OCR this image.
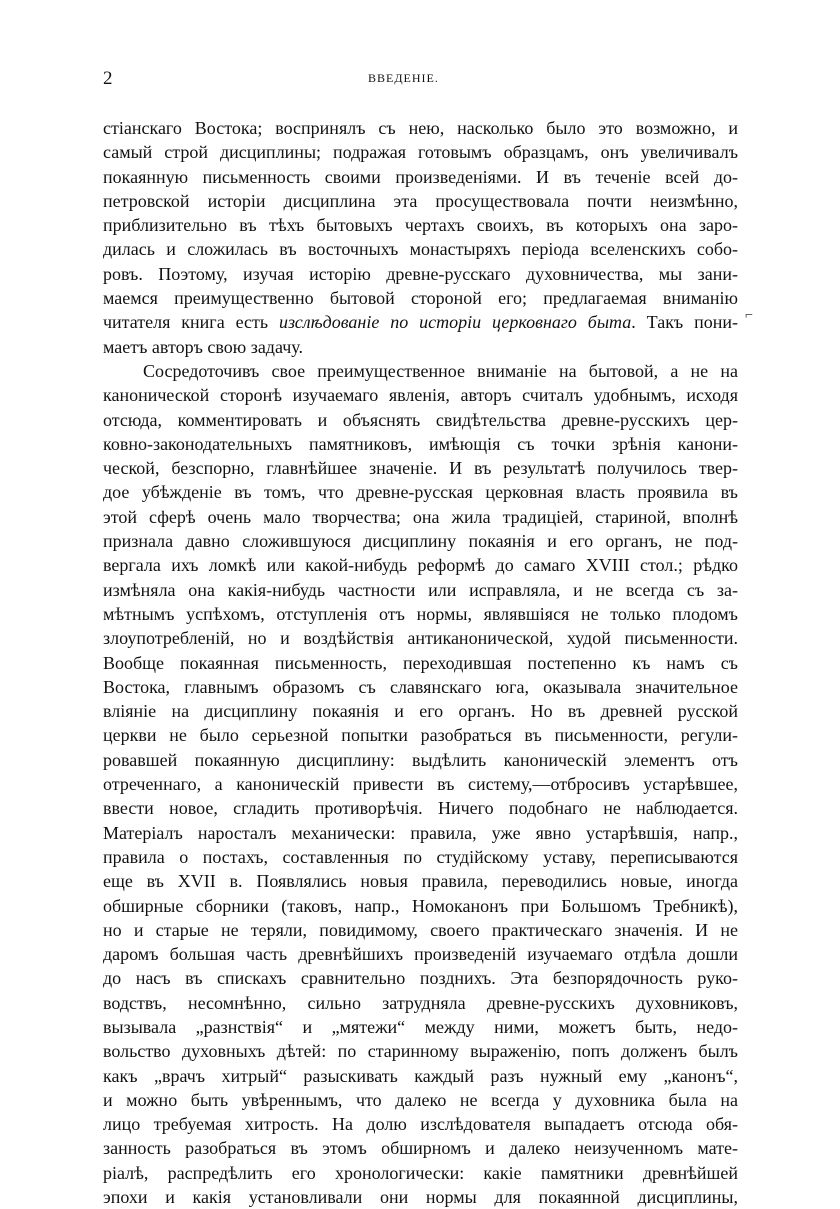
2	ВВЕДЕНІЕ.
стіанскаго Востока; воспринялъ съ нею, насколько было это возможно, и
самый строй дисциплины; подражая готовымъ образцамъ, онъ увеличивалъ
покаянную письменность своими произведеніями. И въ теченіе всей до-
петровской исторіи дисциплина эта просуществовала почти неизмѣнно,
приблизительно въ тѣхъ бытовыхъ чертахъ своихъ, въ которыхъ она заро-
дилась и сложилась въ восточныхъ монастыряхъ періода вселенскихъ собо-
ровъ. Поэтому, изучая исторію древне-русскаго духовничества, мы зани-
маемся преимущественно бытовой стороной его; предлагаемая вниманію
читателя книга есть изслѣдованіе по исторіи церковнаго быта. Такъ пони-
маетъ авторъ свою задачу.
Сосредоточивъ свое преимущественное вниманіе на бытовой, а не на
канонической сторонѣ изучаемаго явленія, авторъ считалъ удобнымъ, исходя
отсюда, комментировать и объяснять свидѣтельства древне-русскихъ цер-
ковно-законодательныхъ памятниковъ, имѣющія съ точки зрѣнія канони-
ческой, безспорно, главнѣйшее значеніе. И въ результатѣ получилось твер-
дое убѣжденіе въ томъ, что древне-русская церковная власть проявила въ
этой сферѣ очень мало творчества; она жила традиціей, стариной, вполнѣ
признала давно сложившуюся дисциплину покаянія и его органъ, не под-
вергала ихъ ломкѣ или какой-нибудь реформѣ до самаго XVIII стол.; рѣдко
измѣняла она какія-нибудь частности или исправляла, и не всегда съ за-
мѣтнымъ успѣхомъ, отступленія отъ нормы, являвшіяся не только плодомъ
злоупотребленій, но и воздѣйствія антиканонической, худой письменности.
Вообще покаянная письменность, переходившая постепенно къ намъ съ
Востока, главнымъ образомъ съ славянскаго юга, оказывала значительное
вліяніе на дисциплину покаянія и его органъ. Но въ древней русской
церкви не было серьезной попытки разобраться въ письменности, регули-
ровавшей покаянную дисциплину: выдѣлить каноническій элементъ отъ
отреченнаго, а каноническій привести въ систему,—отбросивъ устарѣвшее,
ввести новое, сгладить противорѣчія. Ничего подобнаго не наблюдается.
Матеріалъ наросталъ механически: правила, уже явно устарѣвшія, напр.,
правила о постахъ, составленныя по студійскому уставу, переписываются
еще въ XVII в. Появлялись новыя правила, переводились новые, иногда
обширные сборники (таковъ, напр., Номоканонъ при Большомъ Требникѣ),
но и старые не теряли, повидимому, своего практическаго значенія. И не
даромъ большая часть древнѣйшихъ произведеній изучаемаго отдѣла дошли
до насъ въ спискахъ сравнительно позднихъ. Эта безпорядочность руко-
водствъ, несомнѣнно, сильно затрудняла древне-русскихъ духовниковъ,
вызывала „разнствія“ и „мятежи“ между ними, можетъ быть, недо-
вольство духовныхъ дѣтей: по старинному выраженію, попъ долженъ былъ
какъ „врачъ хитрый“ разыскивать каждый разъ нужный ему „канонъ“,
и можно быть увѣреннымъ, что далеко не всегда у духовника была на
лицо требуемая хитрость. На долю изслѣдователя выпадаетъ отсюда обя-
занность разобраться въ этомъ обширномъ и далеко неизученномъ мате-
ріалѣ, распредѣлить его хронологически: какіе памятники древнѣйшей
эпохи и какія установливали они нормы для покаянной дисциплины,
⌐
